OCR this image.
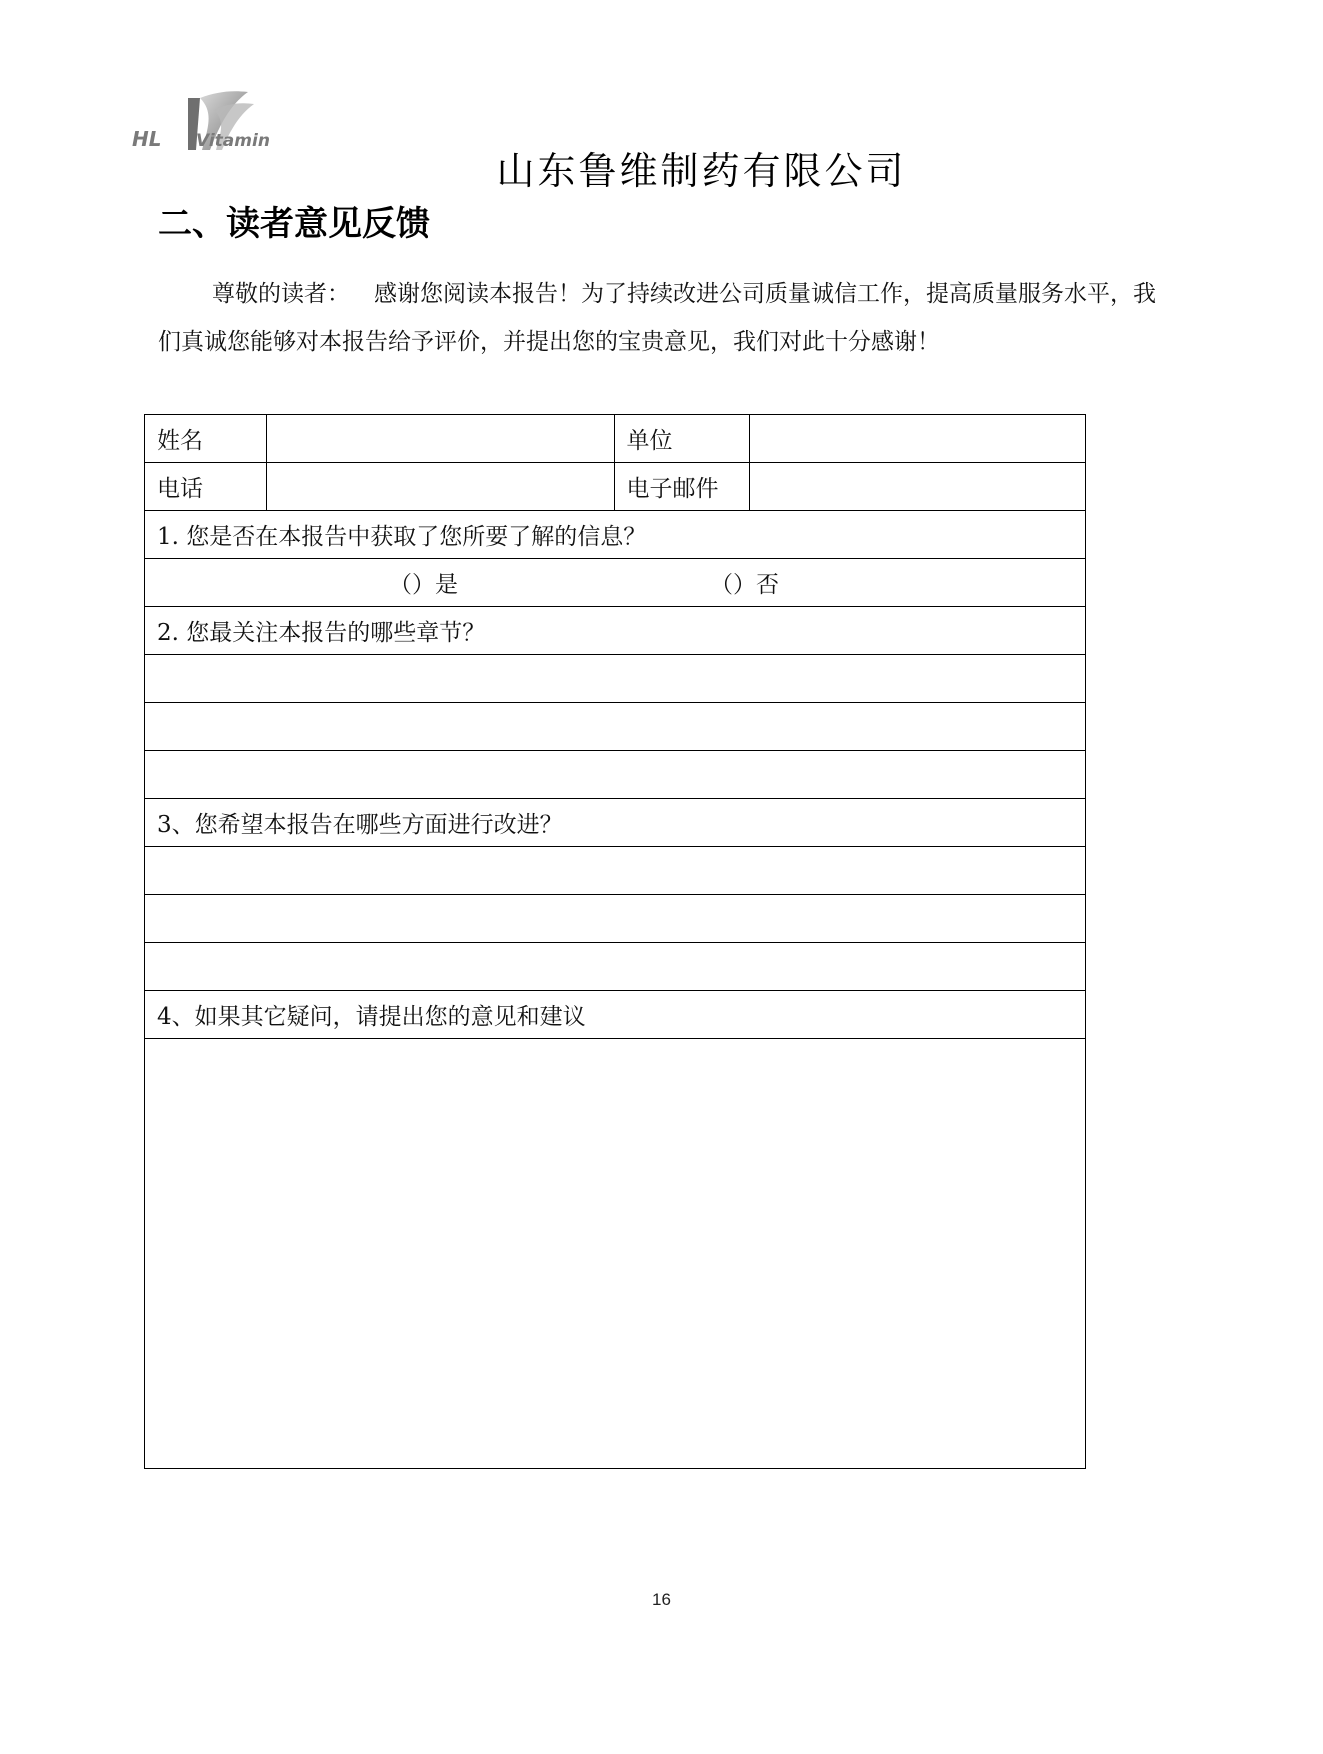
HL Vitamin
山东鲁维制药有限公司
二、读者意见反馈
尊敬的读者： 感谢您阅读本报告！为了持续改进公司质量诚信工作，提高质量服务水平，我们真诚您能够对本报告给予评价，并提出您的宝贵意见，我们对此十分感谢！
姓名		单位	
电话		电子邮件	
1. 您是否在本报告中获取了您所要了解的信息？			
（）是 （）否			
2. 您最关注本报告的哪些章节？			

3、您希望本报告在哪些方面进行改进？			

4、如果其它疑问，请提出您的意见和建议			

16
